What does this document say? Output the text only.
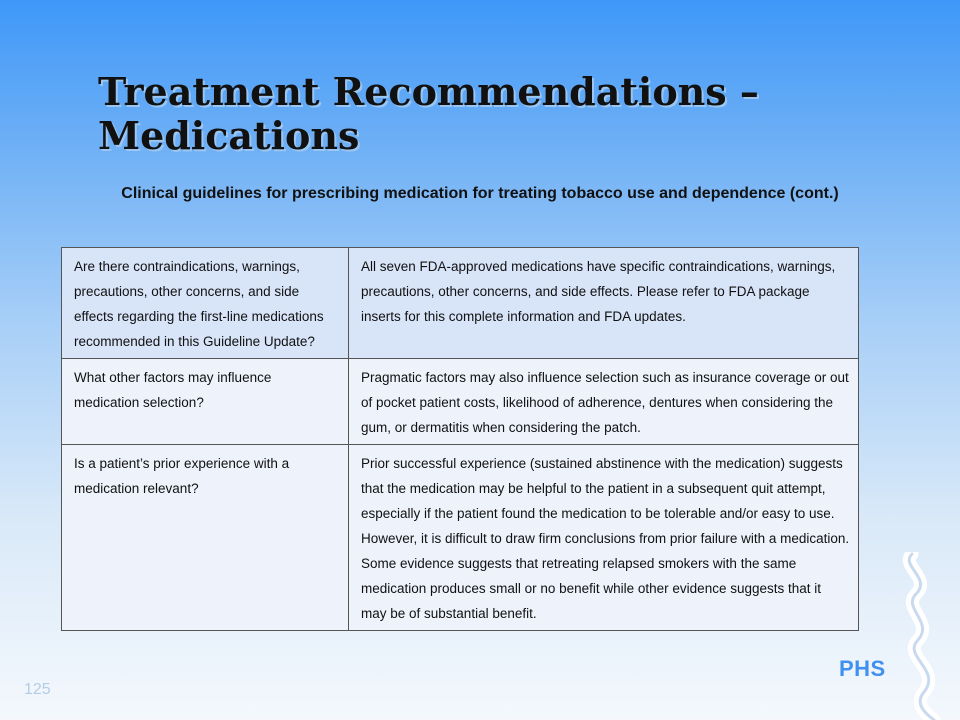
Treatment Recommendations – Medications

Clinical guidelines for prescribing medication for treating tobacco use and dependence (cont.)

Are there contraindications, warnings, precautions, other concerns, and side effects regarding the first-line medications recommended in this Guideline Update?	All seven FDA-approved medications have specific contraindications, warnings, precautions, other concerns, and side effects. Please refer to FDA package inserts for this complete information and FDA updates.
What other factors may influence medication selection?	Pragmatic factors may also influence selection such as insurance coverage or out of pocket patient costs, likelihood of adherence, dentures when considering the gum, or dermatitis when considering the patch.
Is a patient’s prior experience with a medication relevant?	Prior successful experience (sustained abstinence with the medication) suggests that the medication may be helpful to the patient in a subsequent quit attempt, especially if the patient found the medication to be tolerable and/or easy to use. However, it is difficult to draw firm conclusions from prior failure with a medication. Some evidence suggests that retreating relapsed smokers with the same medication produces small or no benefit while other evidence suggests that it may be of substantial benefit.
125
PHS
